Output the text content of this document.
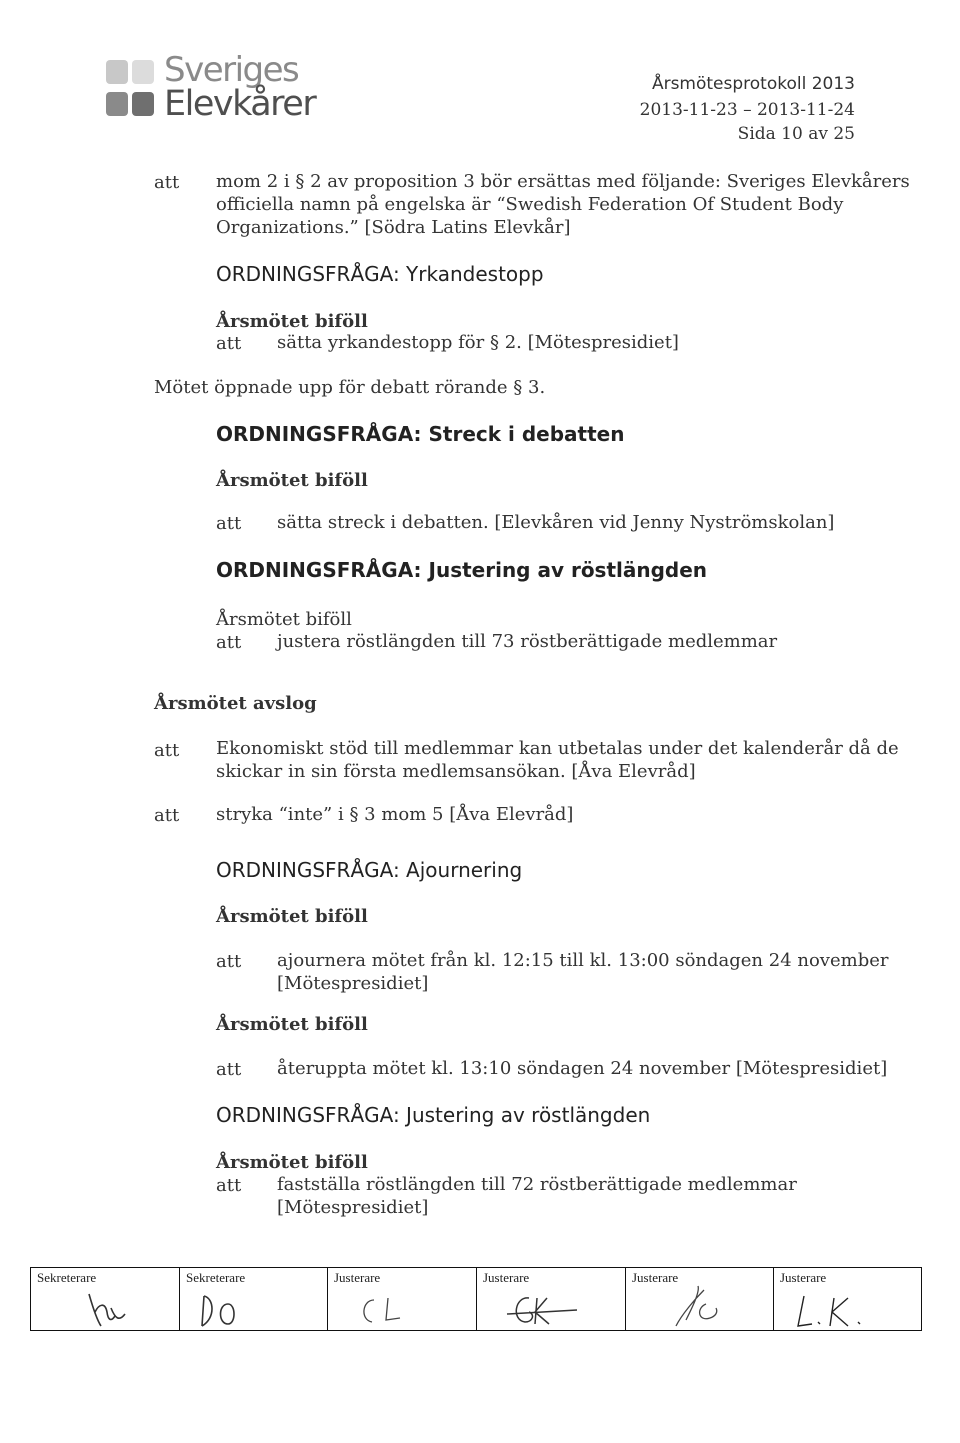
Sveriges
Elevkårer	Årsmötesprotokoll 2013
2013-11-23 – 2013-11-24
Sida 10 av 25
att mom 2 i § 2 av proposition 3 bör ersättas med följande: Sveriges Elevkårers
officiella namn på engelska är “Swedish Federation Of Student Body
Organizations.” [Södra Latins Elevkår]
ORDNINGSFRÅGA: Yrkandestopp
Årsmötet biföll
att sätta yrkandestopp för § 2. [Mötespresidiet]
Mötet öppnade upp för debatt rörande § 3.
ORDNINGSFRÅGA: Streck i debatten
Årsmötet biföll
att sätta streck i debatten. [Elevkåren vid Jenny Nyströmskolan]
ORDNINGSFRÅGA: Justering av röstlängden
Årsmötet biföll
att justera röstlängden till 73 röstberättigade medlemmar
Årsmötet avslog
att Ekonomiskt stöd till medlemmar kan utbetalas under det kalenderår då de
skickar in sin första medlemsansökan. [Åva Elevråd]
att stryka “inte” i § 3 mom 5 [Åva Elevråd]
ORDNINGSFRÅGA: Ajournering
Årsmötet biföll
att ajournera mötet från kl. 12:15 till kl. 13:00 söndagen 24 november
[Mötespresidiet]
Årsmötet biföll
att återuppta mötet kl. 13:10 söndagen 24 november [Mötespresidiet]
ORDNINGSFRÅGA: Justering av röstlängden
Årsmötet biföll
att fastställa röstlängden till 72 röstberättigade medlemmar
[Mötespresidiet]
Sekreterare	Sekreterare	Justerare	Justerare	Justerare	Justerare
